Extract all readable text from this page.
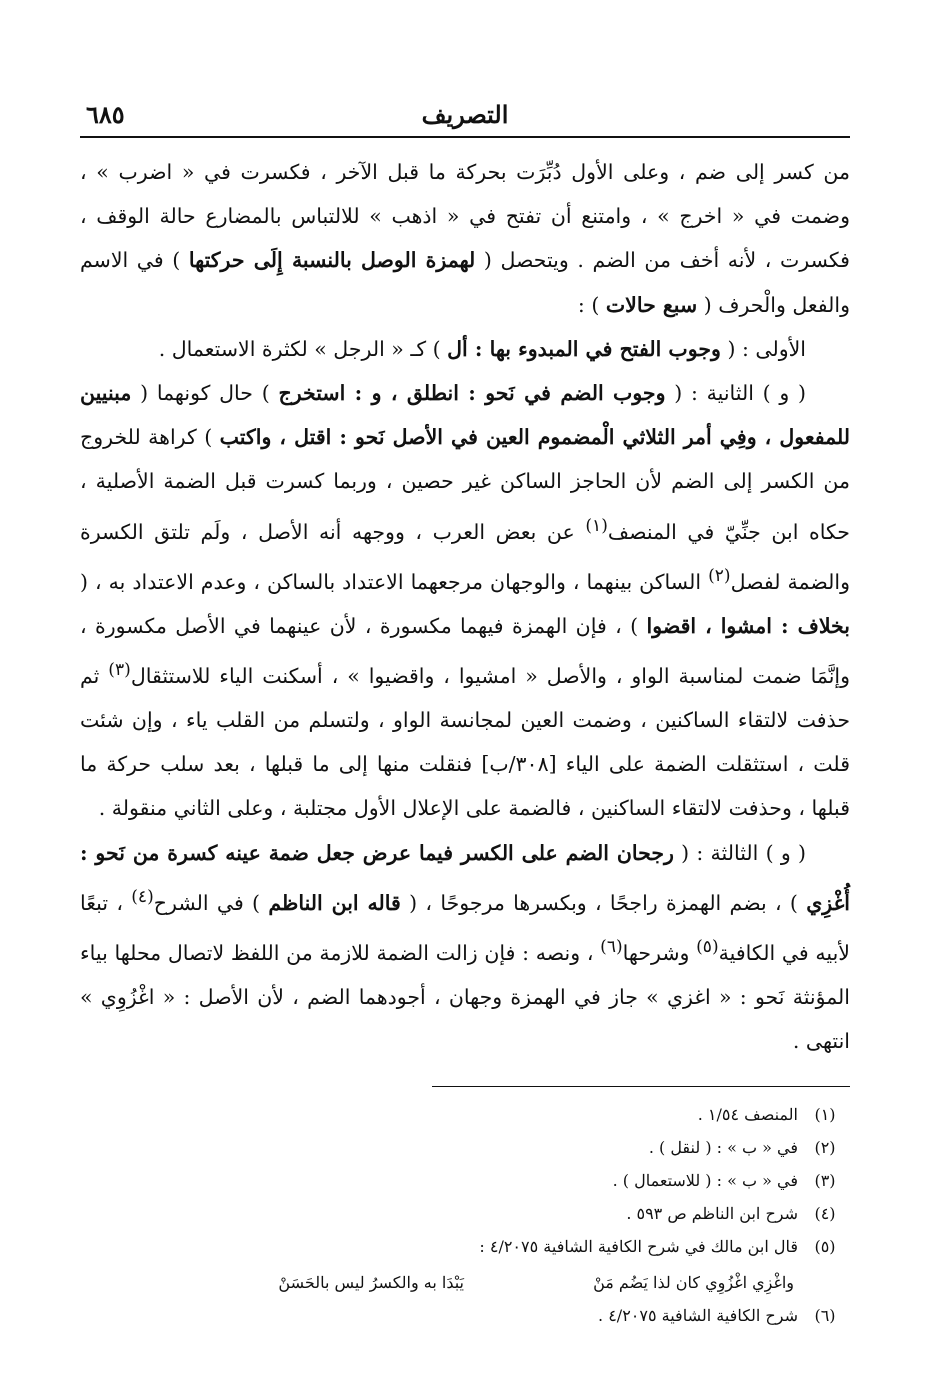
التصريف
٦٨٥

من كسر إلى ضم ، وعلى الأول دُبِّرَت بحركة ما قبل الآخر ، فكسرت في « اضرب » ، وضمت في « اخرج » ، وامتنع أن تفتح في « اذهب » للالتباس بالمضارع حالة الوقف ، فكسرت ، لأنه أخف من الضم . ويتحصل ( لهمزة الوصل بالنسبة إِلَى حركتها ) في الاسم والفعل والْحرف ( سبع حالات ) :

الأولى : ( وجوب الفتح في المبدوء بها : أل ) كـ « الرجل » لكثرة الاستعمال .

( و ) الثانية : ( وجوب الضم في نَحو : انطلق ، و : استخرج ) حال كونهما ( مبنيين للمفعول ، وفِي أمر الثلاثي الْمضموم العين في الأصل نَحو : اقتل ، واكتب ) كراهة للخروج من الكسر إلى الضم لأن الحاجز الساكن غير حصين ، وربما كسرت قبل الضمة الأصلية ، حكاه ابن جنِّيّ في المنصف$^{(١)}$ عن بعض العرب ، ووجهه أنه الأصل ، ولَم تلتق الكسرة والضمة لفصل$^{(٢)}$ الساكن بينهما ، والوجهان مرجعهما الاعتداد بالساكن ، وعدم الاعتداد به ، ( بخلاف : امشوا ، اقضوا ) ، فإن الهمزة فيهما مكسورة ، لأن عينهما في الأصل مكسورة ، وإنَّمَا ضمت لمناسبة الواو ، والأصل « امشيوا ، واقضيوا » ، أسكنت الياء للاستثقال$^{(٣)}$ ثم حذفت لالتقاء الساكنين ، وضمت العين لمجانسة الواو ، ولتسلم من القلب ياء ، وإن شئت قلت ، استثقلت الضمة على الياء [٣٠٨/ب] فنقلت منها إلى ما قبلها ، بعد سلب حركة ما قبلها ، وحذفت لالتقاء الساكنين ، فالضمة على الإعلال الأول مجتلبة ، وعلى الثاني منقولة .

( و ) الثالثة : ( رجحان الضم على الكسر فيما عرض جعل ضمة عينه كسرة من نَحو : أُغْزِي ) ، بضم الهمزة راجحًا ، وبكسرها مرجوحًا ، ( قاله ابن الناظم ) في الشرح$^{(٤)}$ ، تبعًا لأبيه في الكافية$^{(٥)}$ وشرحها$^{(٦)}$ ، ونصه : فإن زالت الضمة للازمة من اللفظ لاتصال محلها بياء المؤنثة نَحو : « اغزي » جاز في الهمزة وجهان ، أجودهما الضم ، لأن الأصل : « اغْزُوِي » انتهى .

(١)
المنصف ١/٥٤ .
(٢)
في « ب » : ( لنقل ) .
(٣)
في « ب » : ( للاستعمال ) .
(٤)
شرح ابن الناظم ص ٥٩٣ .
(٥)
قال ابن مالك في شرح الكافية الشافية ٤/٢٠٧٥ :
واغْزِي اغْزُوِي كان لذا يَضُم مَنْ
يَبْدَا به والكسرُ ليس بالحَسَنْ
(٦)
شرح الكافية الشافية ٤/٢٠٧٥ .
